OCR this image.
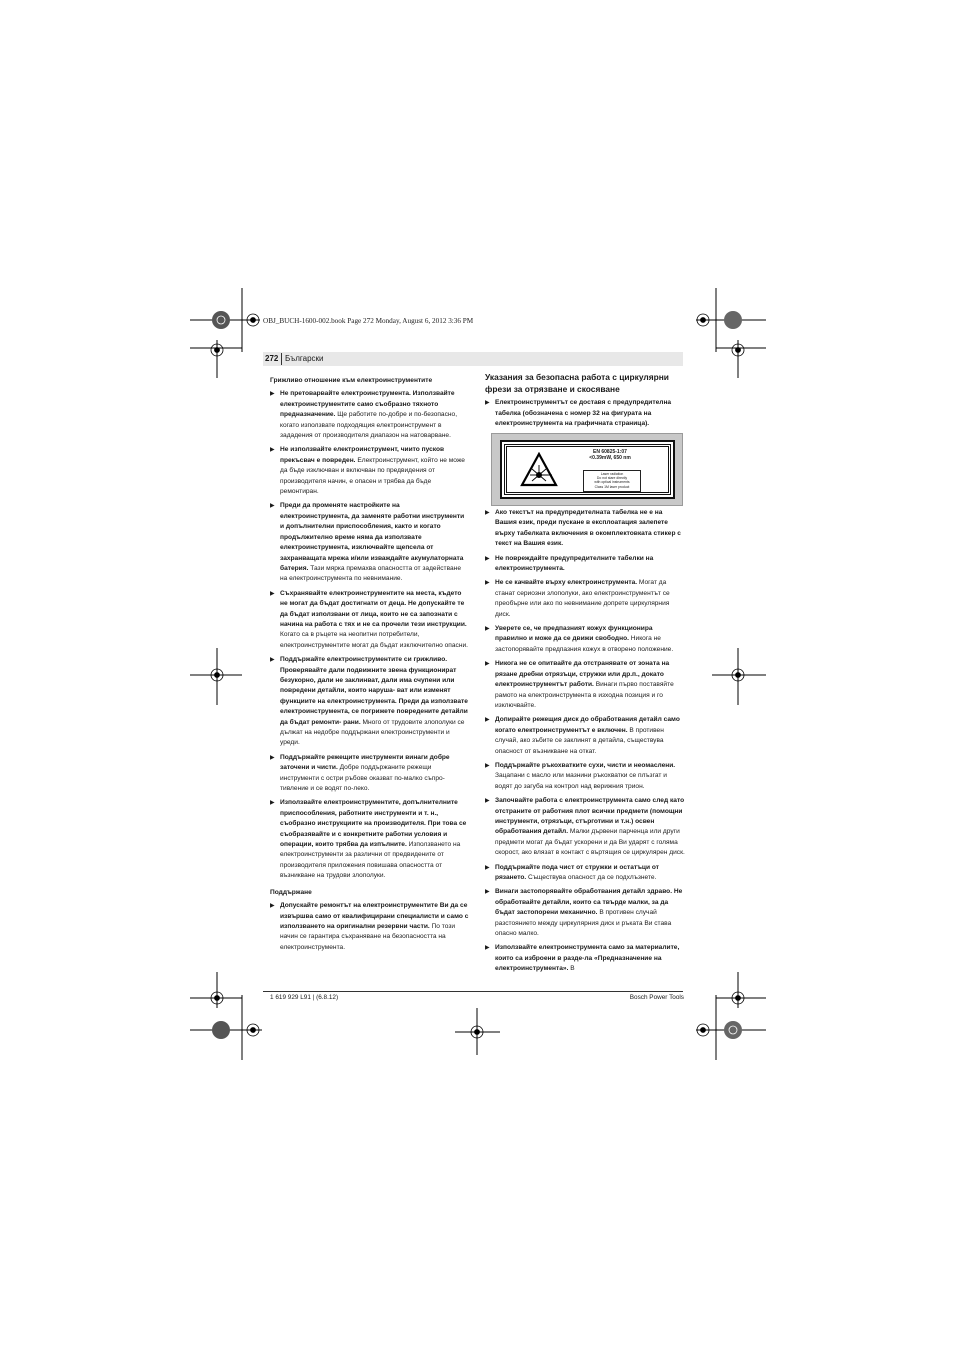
OBJ_BUCH-1600-002.book Page 272 Monday, August 6, 2012 3:36 PM
272 Български

Грижливо отношение към електроинструментите

▶ Не претоварвайте електроинструмента. Използвайте електроинструментите само съобразно тяхното предназначение. Ще работите по-добре и по-безопасно, когато използвате подходящия електроинструмент в зададения от производителя диапазон на натоварване.
▶ Не използвайте електроинструмент, чиито пусков прекъсвач е повреден. Електроинструмент, който не може да бъде изключван и включван по предвидения от производителя начин, е опасен и трябва да бъде ремонтиран.
▶ Преди да променяте настройките на електроинструмента, да заменяте работни инструменти и допълнителни приспособления, както и когато продължително време няма да използвате електроинструмента, изключвайте щепсела от захранващата мрежа и/или изваждайте акумулаторната батерия. Тази мярка премахва опасността от задействане на електроинструмента по невнимание.
▶ Съхранявайте електроинструментите на места, където не могат да бъдат достигнати от деца. Не допускайте те да бъдат използвани от лица, които не са запознати с начина на работа с тях и не са прочели тези инструкции. Когато са в ръцете на неопитни потребители, електроинструментите могат да бъдат изключително опасни.
▶ Поддържайте електроинструментите си грижливо. Проверявайте дали подвижните звена функционират безукорно, дали не заклинват, дали има счупени или повредени детайли, които наруша- ват или изменят функциите на електроинструмента. Преди да използвате електроинструмента, се погрижете повредените детайли да бъдат ремонти- рани. Много от трудовите злополуки се дължат на недобре поддържани електроинструменти и уреди.
▶ Поддържайте режещите инструменти винаги добре заточени и чисти. Добре поддържаните режещи инструменти с остри ръбове оказват по-малко съпро- тивление и се водят по-леко.
▶ Използвайте електроинструментите, допълнителните приспособления, работните инструменти и т. н., съобразно инструкциите на производителя. При това се съобразявайте и с конкретните работни условия и операции, които трябва да изпълните. Използването на електроинструменти за различни от предвидените от производителя приложения повишава опасността от възникване на трудови злополуки.

Поддържане

▶ Допускайте ремонтът на електроинструментите Ви да се извършва само от квалифицирани специалисти и само с използването на оригинални резервни части. По този начин се гарантира съхраняване на безопасността на електроинструмента.

Указания за безопасна работа с циркулярни фрези за отрязване и скосяване

▶ Електроинструментът се доставя с предупредителна табелка (обозначена с номер 32 на фигурата на електроинструмента на графичната страница).
EN 60825-1:07
<0.39mW, 650 nm
Laser radiation
Do not stare directly
with optical instruments
Class 1M laser product
▶ Ако текстът на предупредителната табелка не е на Вашия език, преди пускане в експлоатация залепете върху табелката включения в окомплектовката стикер с текст на Вашия език.
▶ Не повреждайте предупредителните табелки на електроинструмента.
▶ Не се качвайте върху електроинструмента. Могат да станат сериозни злополуки, ако електроинструментът се преобърне или ако по невнимание допрете циркулярния диск.
▶ Уверете се, че предпазният кожух функционира правилно и може да се движи свободно. Никога не застопорявайте предпазния кожух в отворено положение.
▶ Никога не се опитвайте да отстранявате от зоната на рязане дребни отрязъци, стружки или др.п., докато електроинструментът работи. Винаги първо поставяйте рамото на електроинструмента в изходна позиция и го изключвайте.
▶ Допирайте режещия диск до обработвания детайл само когато електроинструментът е включен. В противен случай, ако зъбите се заклинят в детайла, съществува опасност от възникване на откат.
▶ Поддържайте ръкохватките сухи, чисти и неомаслени. Зацапани с масло или мазнини ръкохватки се плъзгат и водят до загуба на контрол над верижния трион.
▶ Започвайте работа с електроинструмента само след като отстраните от работния плот всички предмети (помощни инструменти, отрязъци, стърготини и т.н.) освен обработвания детайл. Малки дървени парченца или други предмети могат да бъдат ускорени и да Ви ударят с голяма скорост, ако влязат в контакт с въртящия се циркулярен диск.
▶ Поддържайте пода чист от стружки и остатъци от рязането. Съществува опасност да се подхлъзнете.
▶ Винаги застопорявайте обработвания детайл здраво. Не обработвайте детайли, които са твърде малки, за да бъдат застопорени механично. В противен случай разстоянието между циркулярния диск и ръката Ви става опасно малко.
▶ Използвайте електроинструмента само за материалите, които са изброени в разде-ла «Предназначение на електроинструмента». В
1 619 929 L91 | (6.8.12)	Bosch Power Tools
